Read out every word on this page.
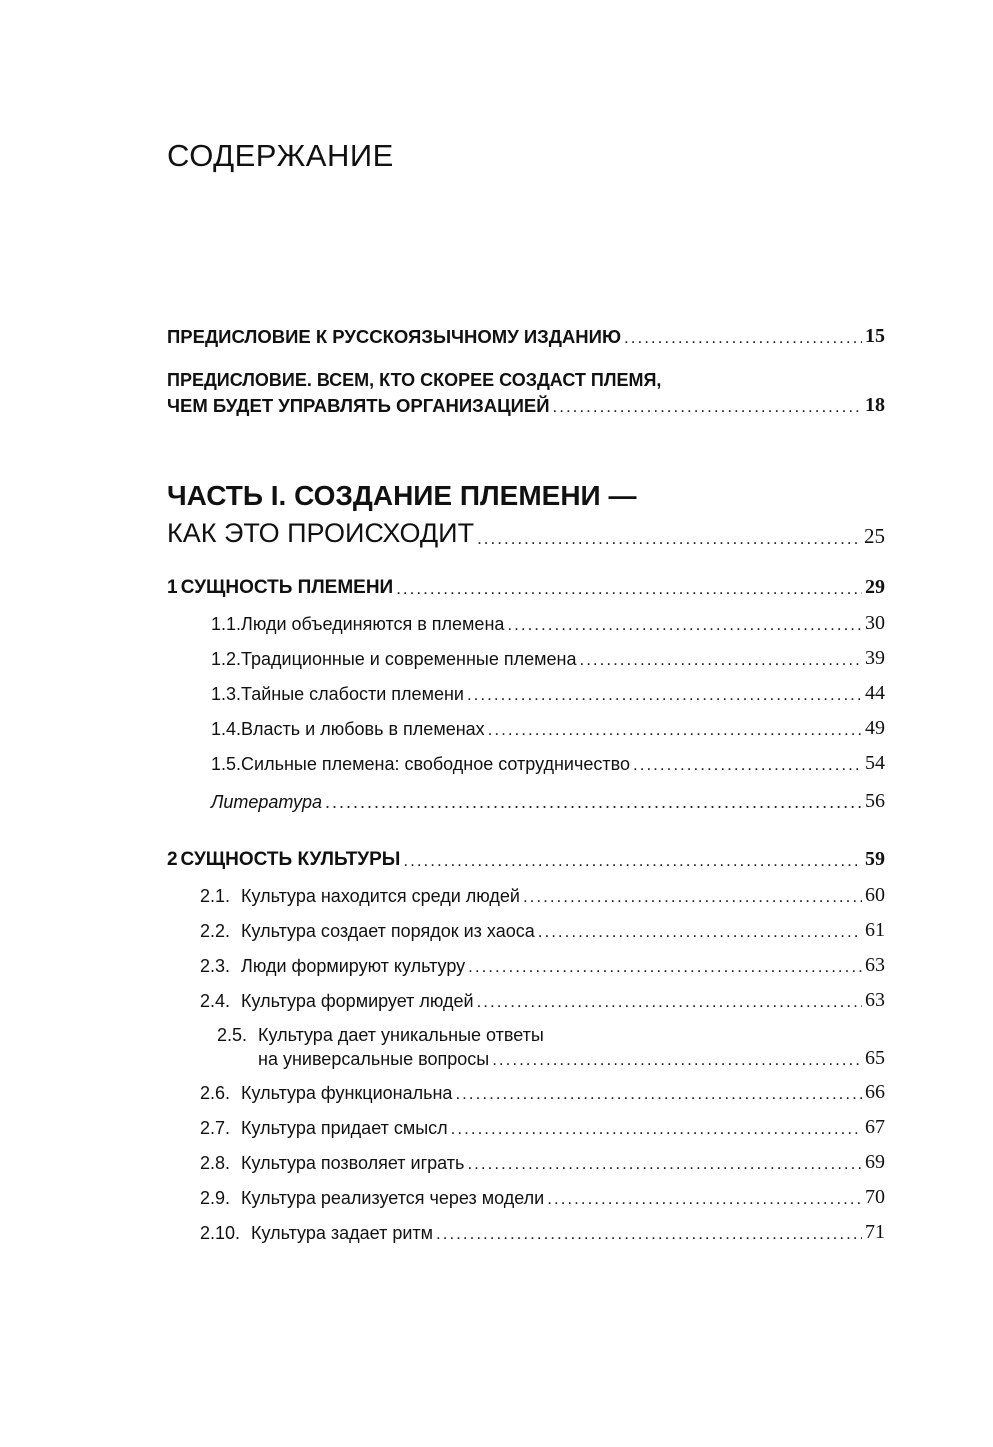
СОДЕРЖАНИЕ
ПРЕДИСЛОВИЕ К РУССКОЯЗЫЧНОМУ ИЗДАНИЮ .....	15
ПРЕДИСЛОВИЕ. ВСЕМ, КТО СКОРЕЕ СОЗДАСТ ПЛЕМЯ,
ЧЕМ БУДЕТ УПРАВЛЯТЬ ОРГАНИЗАЦИЕЙ .....	18
ЧАСТЬ I. СОЗДАНИЕ ПЛЕМЕНИ —
КАК ЭТО ПРОИСХОДИТ .....	25
1 СУЩНОСТЬ ПЛЕМЕНИ .....	29
1.1. Люди объединяются в племена .....	30
1.2. Традиционные и современные племена .....	39
1.3. Тайные слабости племени .....	44
1.4. Власть и любовь в племенах .....	49
1.5. Сильные племена: свободное сотрудничество .....	54
Литература .....	56
2 СУЩНОСТЬ КУЛЬТУРЫ .....	59
2.1. Культура находится среди людей .....	60
2.2. Культура создает порядок из хаоса .....	61
2.3. Люди формируют культуру .....	63
2.4. Культура формирует людей .....	63
2.5. Культура дает уникальные ответы
на универсальные вопросы .....	65
2.6. Культура функциональна .....	66
2.7. Культура придает смысл .....	67
2.8. Культура позволяет играть .....	69
2.9. Культура реализуется через модели .....	70
2.10. Культура задает ритм .....	71
